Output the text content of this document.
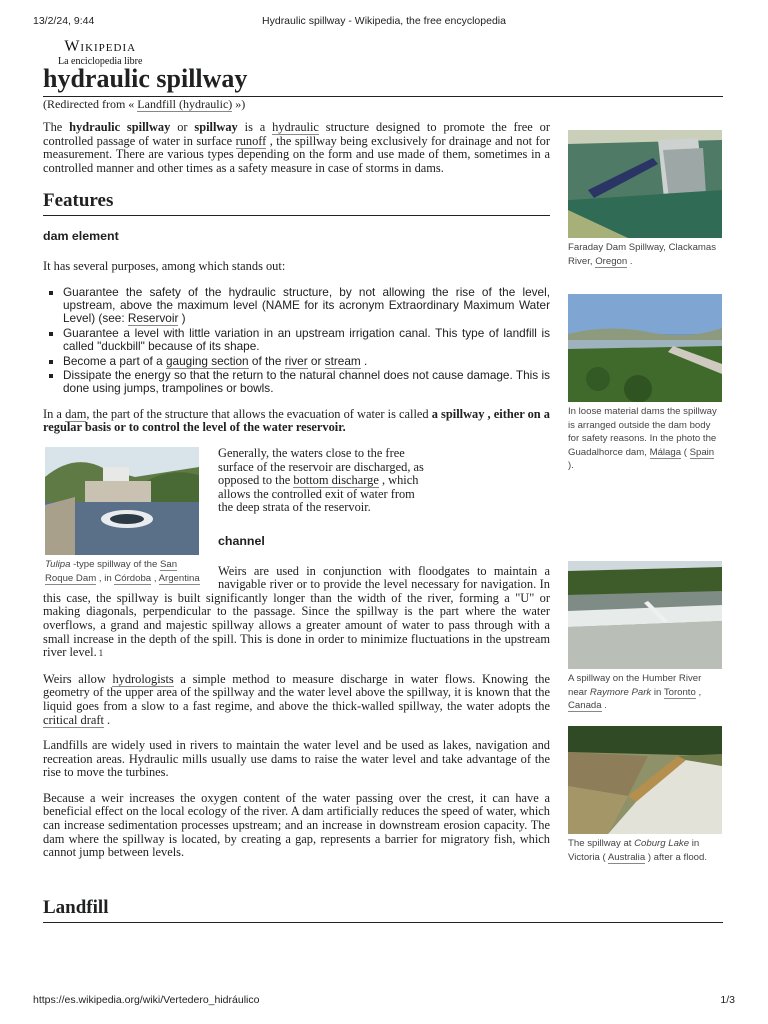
13/2/24, 9:44	Hydraulic spillway - Wikipedia, the free encyclopedia
Wikipedia
La enciclopedia libre
hydraulic spillway
(Redirected from « Landfill (hydraulic) »)

The hydraulic spillway or spillway is a hydraulic structure designed to promote the free or controlled passage of water in surface runoff , the spillway being exclusively for drainage and not for measurement. There are various types depending on the form and use made of them, sometimes in a controlled manner and other times as a safety measure in case of storms in dams.

Features
dam element

It has several purposes, among which stands out:

▪ Guarantee the safety of the hydraulic structure, by not allowing the rise of the level, upstream, above the maximum level (NAME for its acronym Extraordinary Maximum Water Level) (see: Reservoir )
▪ Guarantee a level with little variation in an upstream irrigation canal. This type of landfill is called "duckbill" because of its shape.
▪ Become a part of a gauging section of the river or stream .
▪ Dissipate the energy so that the return to the natural channel does not cause damage. This is done using jumps, trampolines or bowls.

In a dam, the part of the structure that allows the evacuation of water is called a spillway , either on a regular basis or to control the level of the water reservoir.

Tulipa -type spillway of the San Roque Dam , in Córdoba , Argentina

Generally, the waters close to the free surface of the reservoir are discharged, as opposed to the bottom discharge , which allows the controlled exit of water from the deep strata of the reservoir.

channel

Weirs are used in conjunction with floodgates to maintain a navigable river or to provide the level necessary for navigation. In this case, the spillway is built significantly longer than the width of the river, forming a "U" or making diagonals, perpendicular to the passage. Since the spillway is the part where the water overflows, a grand and majestic spillway allows a greater amount of water to pass through with a small increase in the depth of the spill. This is done in order to minimize fluctuations in the upstream river level. 1

Weirs allow hydrologists a simple method to measure discharge in water flows. Knowing the geometry of the upper area of the spillway and the water level above the spillway, it is known that the liquid goes from a slow to a fast regime, and above the thick-walled spillway, the water adopts the critical draft .

Landfills are widely used in rivers to maintain the water level and be used as lakes, navigation and recreation areas. Hydraulic mills usually use dams to raise the water level and take advantage of the rise to move the turbines.

Because a weir increases the oxygen content of the water passing over the crest, it can have a beneficial effect on the local ecology of the river. A dam artificially reduces the speed of water, which can increase sedimentation processes upstream; and an increase in downstream erosion capacity. The dam where the spillway is located, by creating a gap, represents a barrier for migratory fish, which cannot jump between levels.

Landfill
Faraday Dam Spillway, Clackamas River, Oregon .
In loose material dams the spillway is arranged outside the dam body for safety reasons. In the photo the Guadalhorce dam, Málaga ( Spain ).
A spillway on the Humber River near Raymore Park in Toronto , Canada .
The spillway at Coburg Lake in Victoria ( Australia ) after a flood.
https://es.wikipedia.org/wiki/Vertedero_hidráulico	1/3
